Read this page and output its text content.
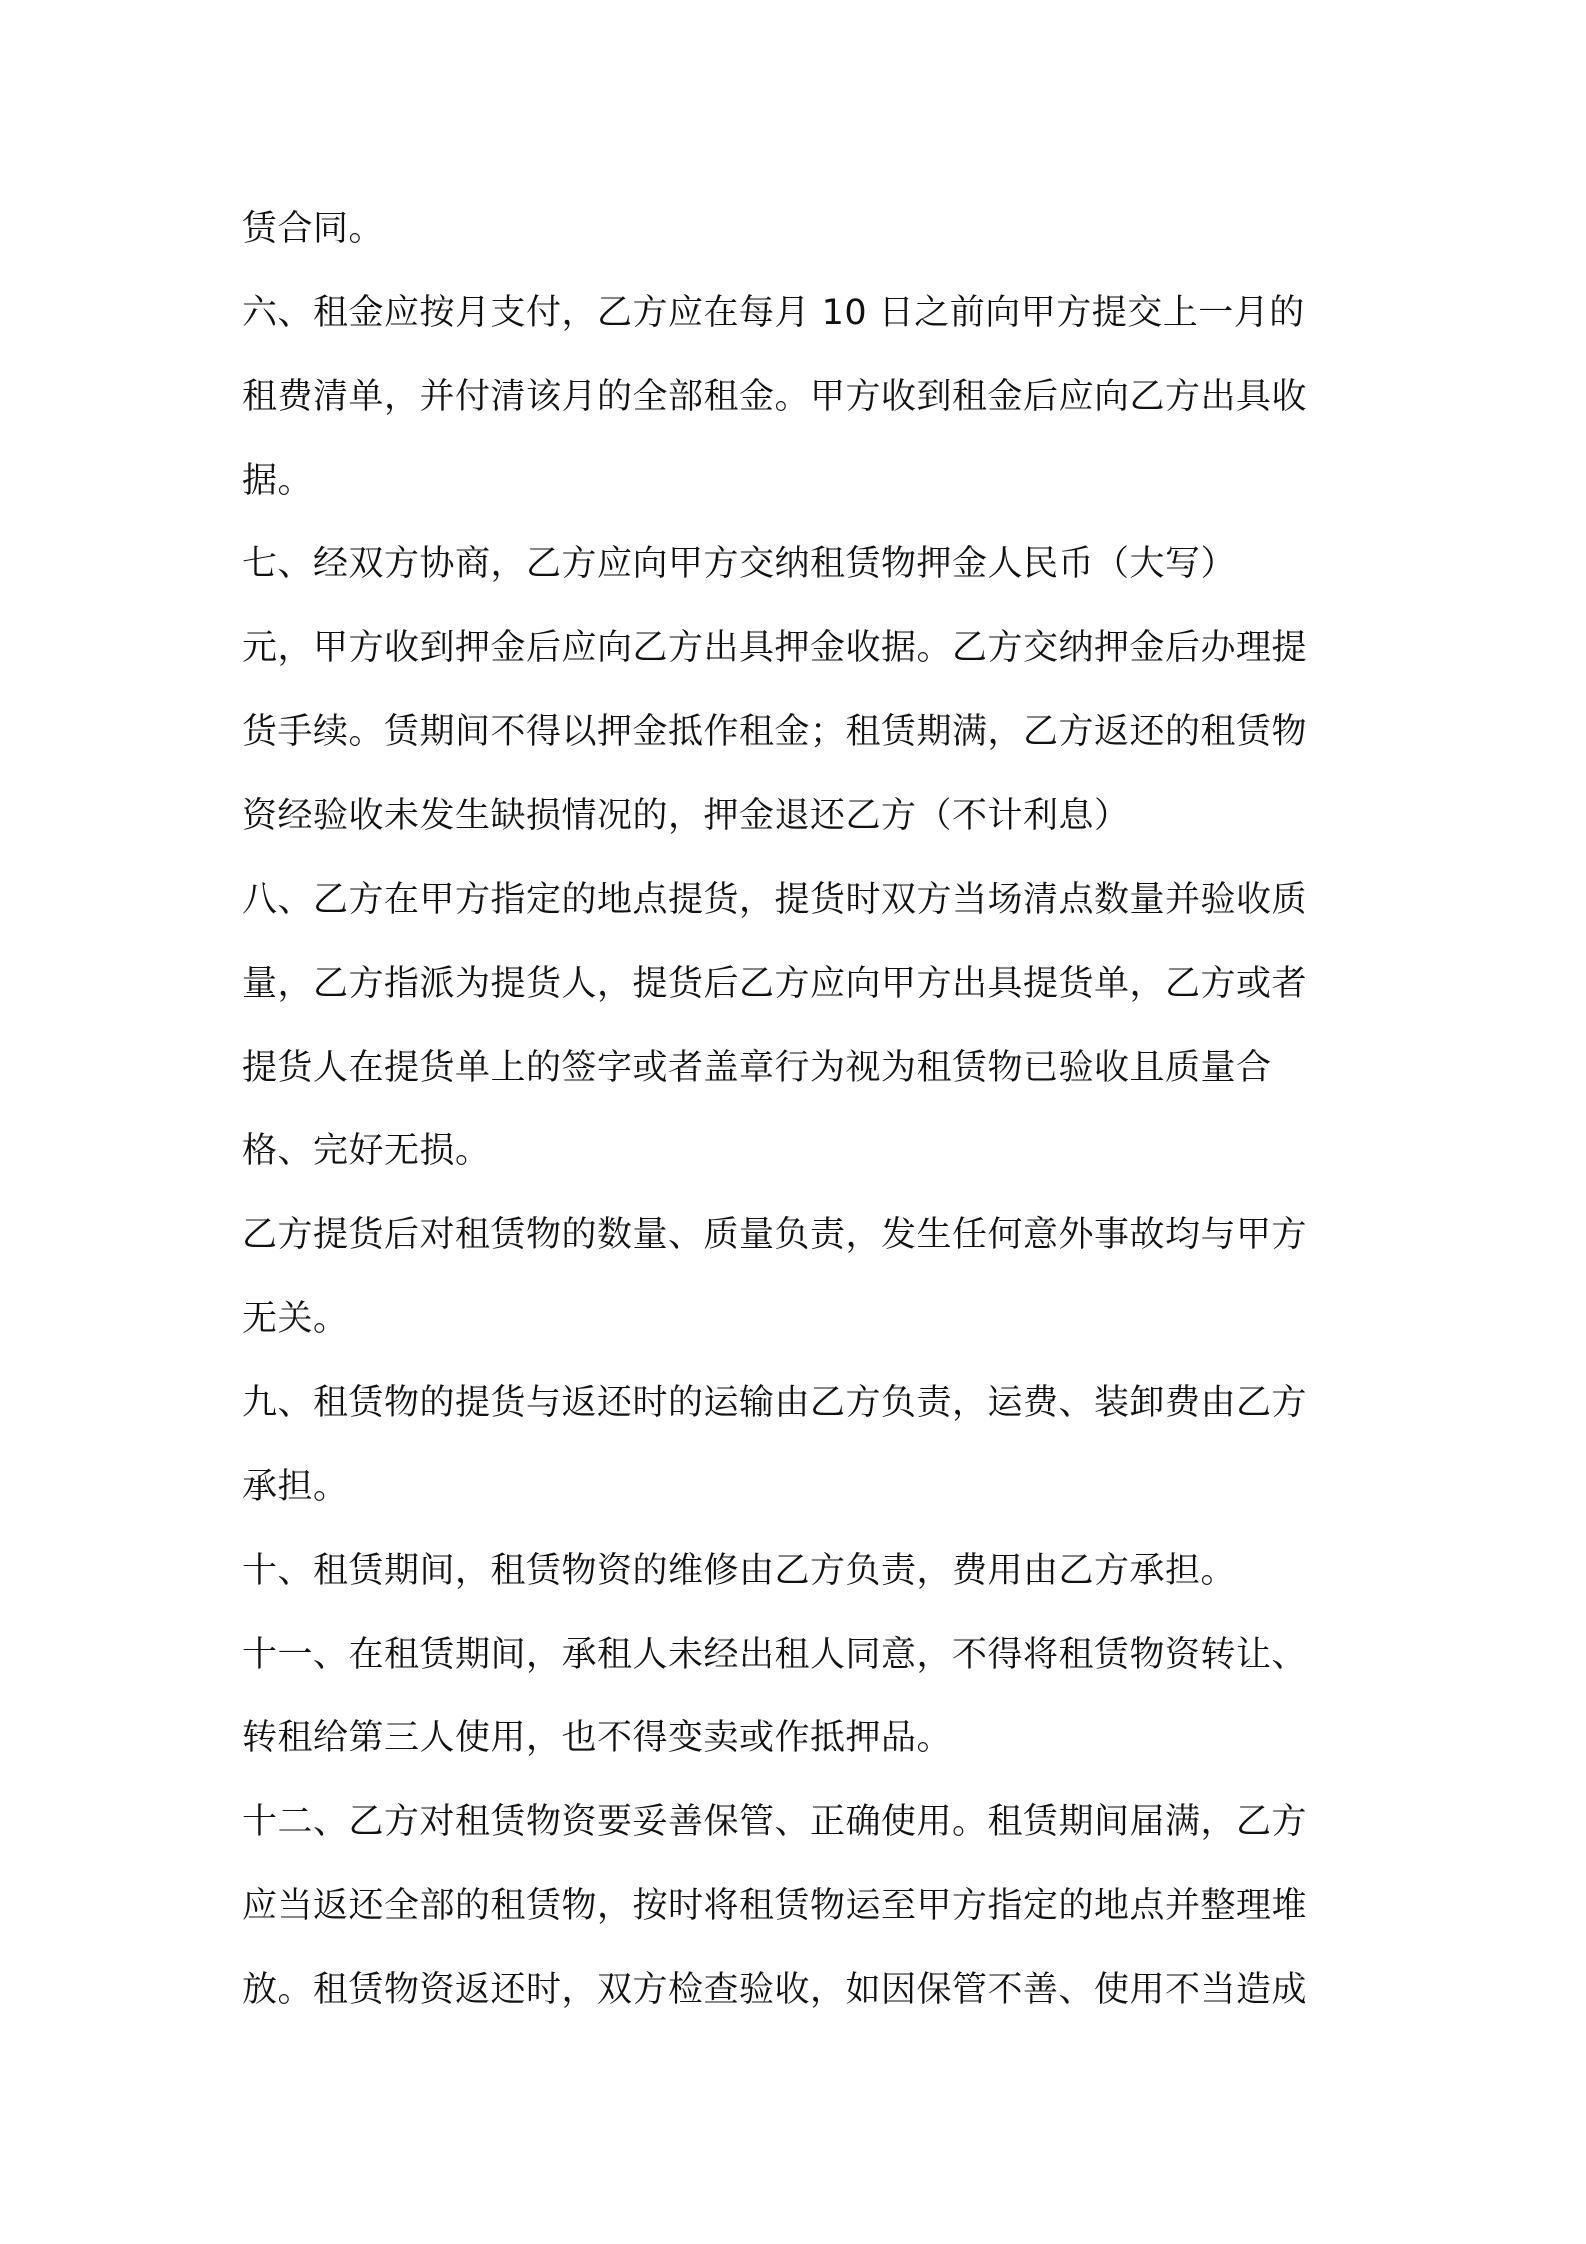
赁合同。
六、租金应按月支付，乙方应在每月 10 日之前向甲方提交上一月的
租费清单，并付清该月的全部租金。甲方收到租金后应向乙方出具收
据。
七、经双方协商，乙方应向甲方交纳租赁物押金人民币（大写）
元，甲方收到押金后应向乙方出具押金收据。乙方交纳押金后办理提
货手续。赁期间不得以押金抵作租金；租赁期满，乙方返还的租赁物
资经验收未发生缺损情况的，押金退还乙方（不计利息）
八、乙方在甲方指定的地点提货，提货时双方当场清点数量并验收质
量，乙方指派为提货人，提货后乙方应向甲方出具提货单，乙方或者
提货人在提货单上的签字或者盖章行为视为租赁物已验收且质量合
格、完好无损。
乙方提货后对租赁物的数量、质量负责，发生任何意外事故均与甲方
无关。
九、租赁物的提货与返还时的运输由乙方负责，运费、装卸费由乙方
承担。
十、租赁期间，租赁物资的维修由乙方负责，费用由乙方承担。
十一、在租赁期间，承租人未经出租人同意，不得将租赁物资转让、
转租给第三人使用，也不得变卖或作抵押品。
十二、乙方对租赁物资要妥善保管、正确使用。租赁期间届满，乙方
应当返还全部的租赁物，按时将租赁物运至甲方指定的地点并整理堆
放。租赁物资返还时，双方检查验收，如因保管不善、使用不当造成
